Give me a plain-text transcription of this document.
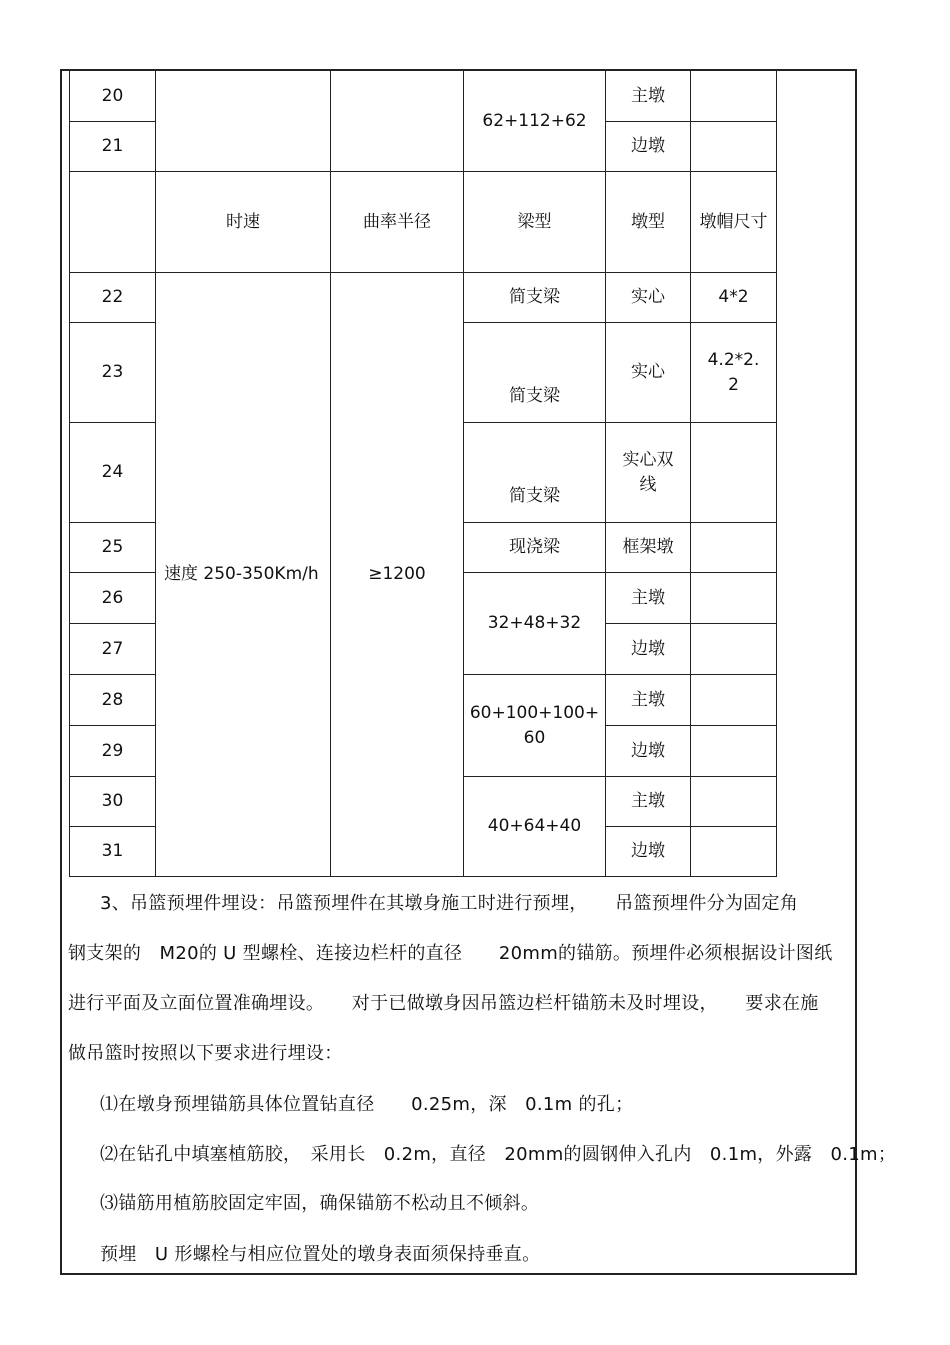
20			62+112+62	主墩	
21				边墩	
	时速	曲率半径	梁型	墩型	墩帽尺寸
22	速度 250-350Km/h	≥1200	简支梁	实心	4*2
23			简支梁	实心	4.2*2.2
24			简支梁	实心双线	
25			现浇梁	框架墩	
26			32+48+32	主墩	
27				边墩	
28			60+100+100+60	主墩	
29				边墩	
30			40+64+40	主墩	
31				边墩	
3、吊篮预埋件埋设：吊篮预埋件在其墩身施工时进行预埋，　　吊篮预埋件分为固定角
钢支架的　M20的 U 型螺栓、连接边栏杆的直径　　20mm的锚筋。预埋件必须根据设计图纸
进行平面及立面位置准确埋设。　　对于已做墩身因吊篮边栏杆锚筋未及时埋设，　　要求在施
做吊篮时按照以下要求进行埋设：
⑴在墩身预埋锚筋具体位置钻直径　　0.25m，深　0.1m 的孔；
⑵在钻孔中填塞植筋胶，　采用长　0.2m，直径　20mm的圆钢伸入孔内　0.1m，外露　0.1m；
⑶锚筋用植筋胶固定牢固，确保锚筋不松动且不倾斜。
预埋　U 形螺栓与相应位置处的墩身表面须保持垂直。
